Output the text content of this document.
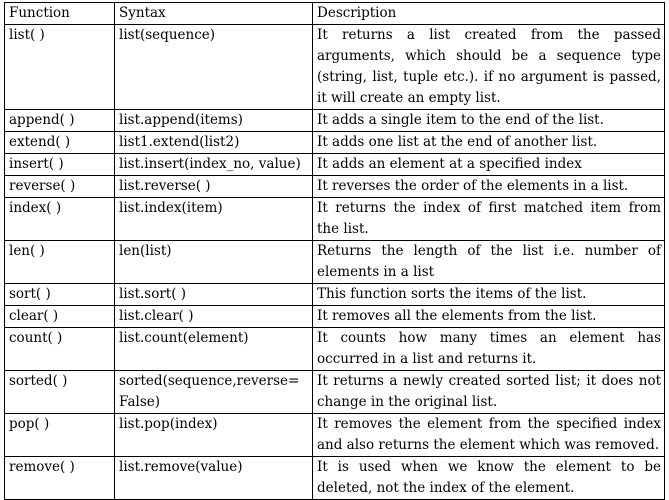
Function	Syntax	Description
list( )	list(sequence)	It returns a list created from the passed arguments, which should be a sequence type (string, list, tuple etc.). if no argument is passed, it will create an empty list.
append( )	list.append(items)	It adds a single item to the end of the list.
extend( )	list1.extend(list2)	It adds one list at the end of another list.
insert( )	list.insert(index_no, value)	It adds an element at a specified index
reverse( )	list.reverse( )	It reverses the order of the elements in a list.
index( )	list.index(item)	It returns the index of first matched item from the list.
len( )	len(list)	Returns the length of the list i.e. number of elements in a list
sort( )	list.sort( )	This function sorts the items of the list.
clear( )	list.clear( )	It removes all the elements from the list.
count( )	list.count(element)	It counts how many times an element has occurred in a list and returns it.
sorted( )	sorted(sequence,reverse= False)	It returns a newly created sorted list; it does not change in the original list.
pop( )	list.pop(index)	It removes the element from the specified index and also returns the element which was removed.
remove( )	list.remove(value)	It is used when we know the element to be deleted, not the index of the element.
